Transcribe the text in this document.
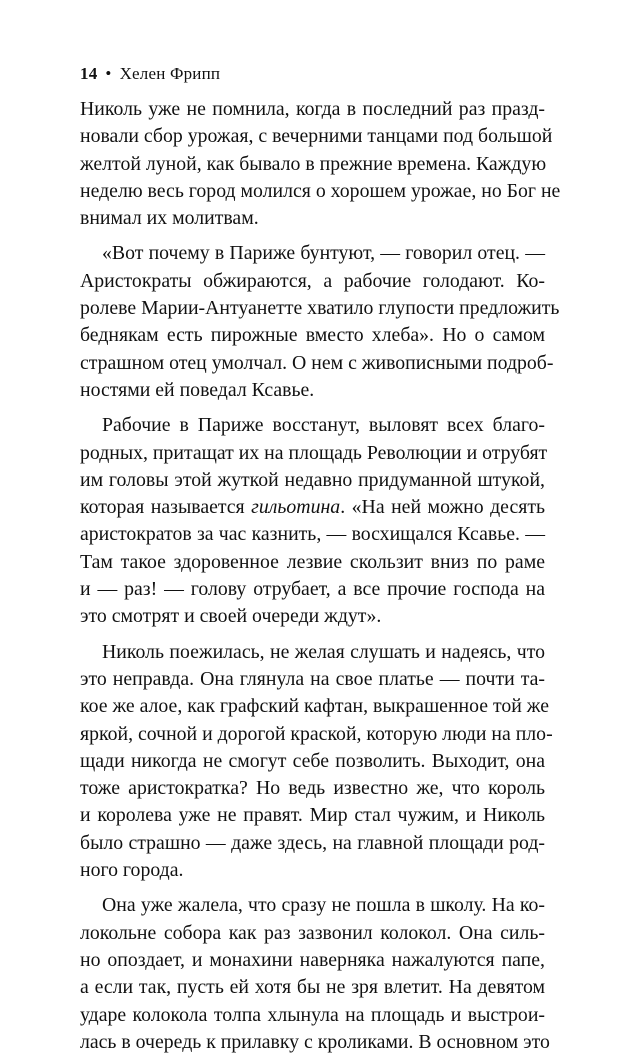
14 • Хелен Фрипп
Николь уже не помнила, когда в последний раз празд-
новали сбор урожая, с вечерними танцами под большой
желтой луной, как бывало в прежние времена. Каждую
неделю весь город молился о хорошем урожае, но Бог не
внимал их молитвам.
«Вот почему в Париже бунтуют, — говорил отец. —
Аристократы обжираются, а рабочие голодают. Ко-
ролеве Марии-Антуанетте хватило глупости предложить
беднякам есть пирожные вместо хлеба». Но о самом
страшном отец умолчал. О нем с живописными подроб-
ностями ей поведал Ксавье.
Рабочие в Париже восстанут, выловят всех благо-
родных, притащат их на площадь Революции и отрубят
им головы этой жуткой недавно придуманной штукой,
которая называется гильотина. «На ней можно десять
аристократов за час казнить, — восхищался Ксавье. —
Там такое здоровенное лезвие скользит вниз по раме
и — раз! — голову отрубает, а все прочие господа на
это смотрят и своей очереди ждут».
Николь поежилась, не желая слушать и надеясь, что
это неправда. Она глянула на свое платье — почти та-
кое же алое, как графский кафтан, выкрашенное той же
яркой, сочной и дорогой краской, которую люди на пло-
щади никогда не смогут себе позволить. Выходит, она
тоже аристократка? Но ведь известно же, что король
и королева уже не правят. Мир стал чужим, и Николь
было страшно — даже здесь, на главной площади род-
ного города.
Она уже жалела, что сразу не пошла в школу. На ко-
локольне собора как раз зазвонил колокол. Она силь-
но опоздает, и монахини наверняка нажалуются папе,
а если так, пусть ей хотя бы не зря влетит. На девятом
ударе колокола толпа хлынула на площадь и выстрои-
лась в очередь к прилавку с кроликами. В основном это
